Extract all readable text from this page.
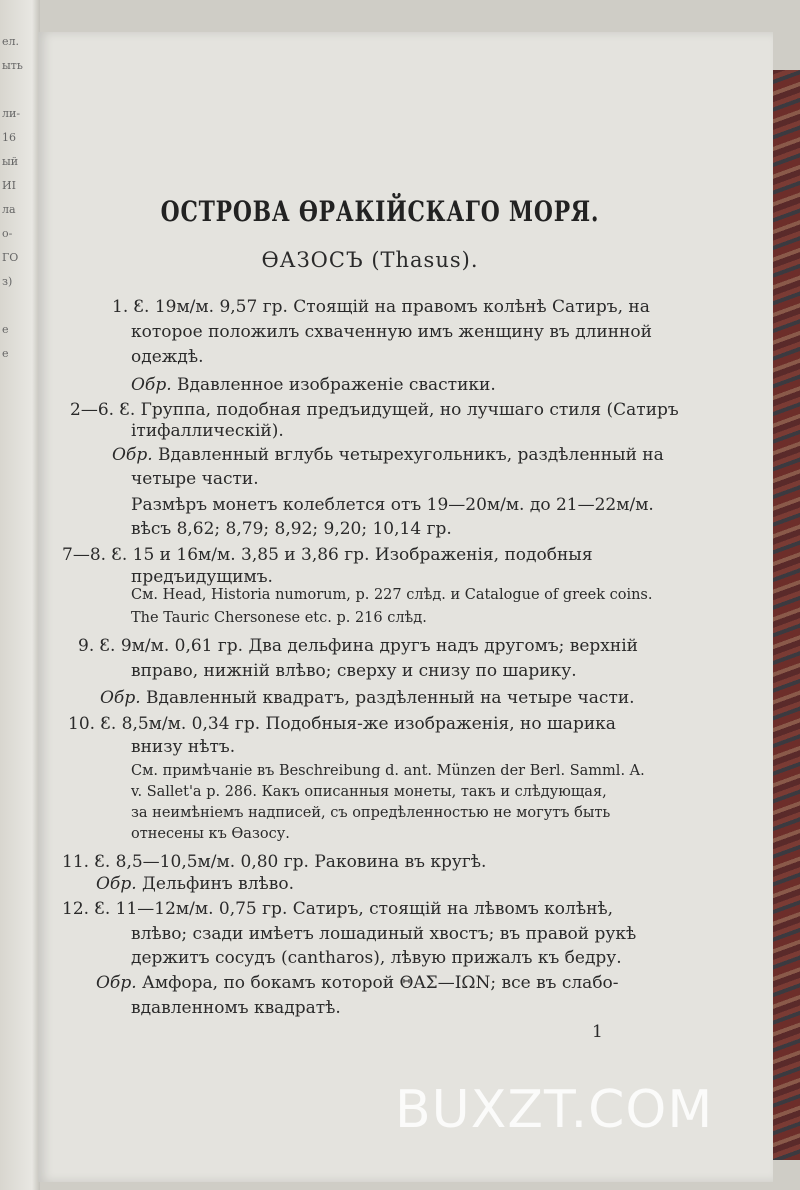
ел.
ыть

ли-
16
ый
ИI
ла
о-
ГО
з)

е
е
ОСТРОВА ѲРАКІЙСКАГО МОРЯ.
ѲАЗОСЪ (Thasus).
1. Ꜫ. 19м/м. 9,57 гр. Стоящій на правомъ колѣнѣ Сатиръ, на
которое положилъ схваченную имъ женщину въ длинной
одеждѣ.
Обр. Вдавленное изображеніе свастики.
2—6. Ꜫ. Группа, подобная предъидущей, но лучшаго стиля (Сатиръ
ітифаллическій).
Обр. Вдавленный вглубь четырехугольникъ, раздѣленный на
четыре части.
Размѣръ монетъ колеблется отъ 19—20м/м. до 21—22м/м.
вѣсъ 8,62; 8,79; 8,92; 9,20; 10,14 гр.
7—8. Ꜫ. 15 и 16м/м. 3,85 и 3,86 гр. Изображенія, подобныя
предъидущимъ.
См. Head, Historia numorum, p. 227 слѣд. и Catalogue of greek coins.
The Tauric Chersonese etc. p. 216 слѣд.
9. Ꜫ. 9м/м. 0,61 гр. Два дельфина другъ надъ другомъ; верхній
вправо, нижній влѣво; сверху и снизу по шарику.
Обр. Вдавленный квадратъ, раздѣленный на четыре части.
10. Ꜫ. 8,5м/м. 0,34 гр. Подобныя-же изображенія, но шарика
внизу нѣтъ.
См. примѣчаніе въ Beschreibung d. ant. Münzen der Berl. Samml. A.
v. Sallet'a p. 286. Какъ описанныя монеты, такъ и слѣдующая,
за неимѣніемъ надписей, съ опредѣленностью не могутъ быть
отнесены къ Ѳазосу.
11. Ꜫ. 8,5—10,5м/м. 0,80 гр. Раковина въ кругѣ.
Обр. Дельфинъ влѣво.
12. Ꜫ. 11—12м/м. 0,75 гр. Сатиръ, стоящій на лѣвомъ колѣнѣ,
влѣво; сзади имѣетъ лошадиный хвостъ; въ правой рукѣ
держитъ сосудъ (cantharos), лѣвую прижалъ къ бедру.
Обр. Амфора, по бокамъ которой ΘΑΣ—ΙΩΝ; все въ слабо-
вдавленномъ квадратѣ.
1
BUXZT.COM
